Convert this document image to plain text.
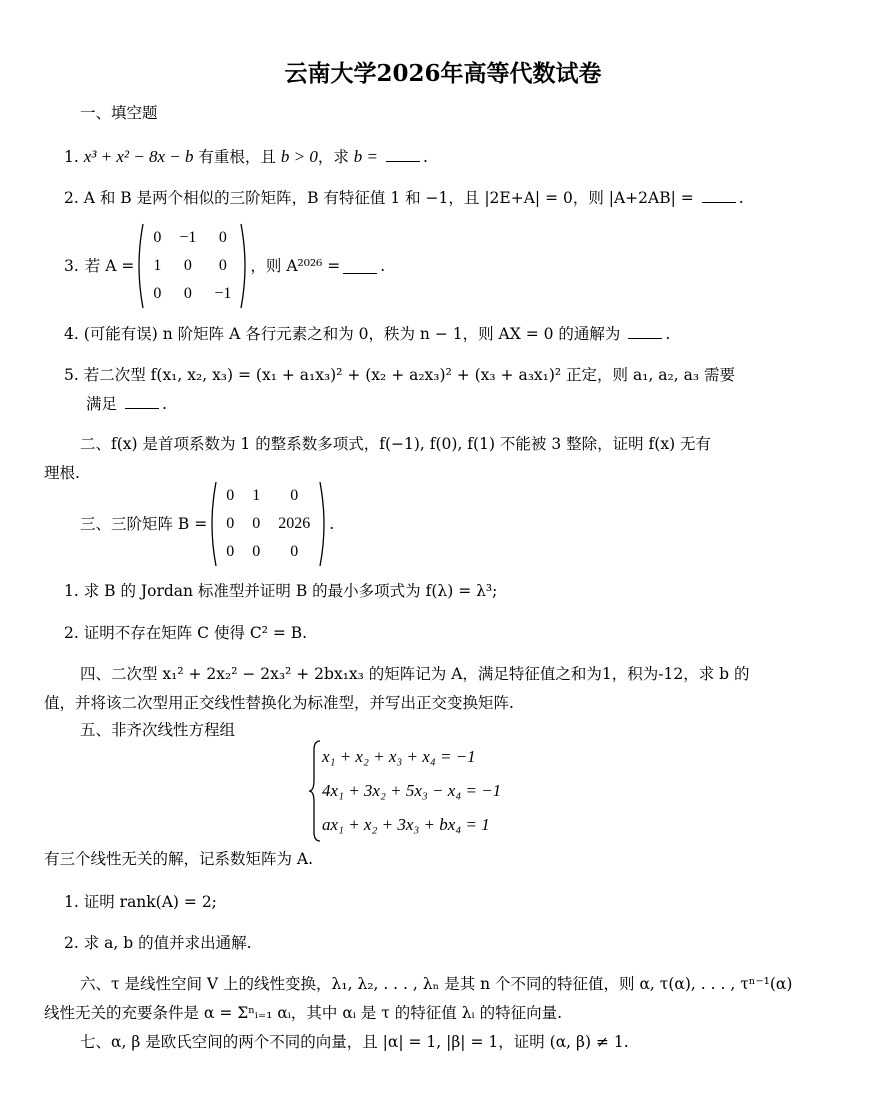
云南大学2026年高等代数试卷
一、填空题
1. x³ + x² − 8x − b 有重根，且 b > 0，求 b =	.
2. A 和 B 是两个相似的三阶矩阵，B 有特征值 1 和 −1，且 |2E+A| = 0，则 |A+2AB| =	.
3. 若 A =
0	−1	0
1	0	0
0	0	−1
，则 A²⁰²⁶ =	.
4. (可能有误) n 阶矩阵 A 各行元素之和为 0，秩为 n − 1，则 AX = 0 的通解为	.
5. 若二次型 f(x₁, x₂, x₃) = (x₁ + a₁x₃)² + (x₂ + a₂x₃)² + (x₃ + a₃x₁)² 正定，则 a₁, a₂, a₃ 需要
满足	.
二、f(x) 是首项系数为 1 的整系数多项式，f(−1), f(0), f(1) 不能被 3 整除，证明 f(x) 无有
理根.
三、三阶矩阵 B =
0	1	0
0	0	2026
0	0	0
.
1. 求 B 的 Jordan 标准型并证明 B 的最小多项式为 f(λ) = λ³;
2. 证明不存在矩阵 C 使得 C² = B.
四、二次型 x₁² + 2x₂² − 2x₃² + 2bx₁x₃ 的矩阵记为 A，满足特征值之和为1，积为-12，求 b 的
值，并将该二次型用正交线性替换化为标准型，并写出正交变换矩阵.
五、非齐次线性方程组
x₁ + x₂ + x₃ + x₄ = −1
4x₁ + 3x₂ + 5x₃ − x₄ = −1
ax₁ + x₂ + 3x₃ + bx₄ = 1
有三个线性无关的解，记系数矩阵为 A.
1. 证明 rank(A) = 2;
2. 求 a, b 的值并求出通解.
六、τ 是线性空间 V 上的线性变换，λ₁, λ₂, . . . , λₙ 是其 n 个不同的特征值，则 α, τ(α), . . . , τⁿ⁻¹(α)
线性无关的充要条件是 α = Σⁿᵢ₌₁ αᵢ，其中 αᵢ 是 τ 的特征值 λᵢ 的特征向量.
七、α, β 是欧氏空间的两个不同的向量，且 |α| = 1, |β| = 1，证明 (α, β) ≠ 1.
